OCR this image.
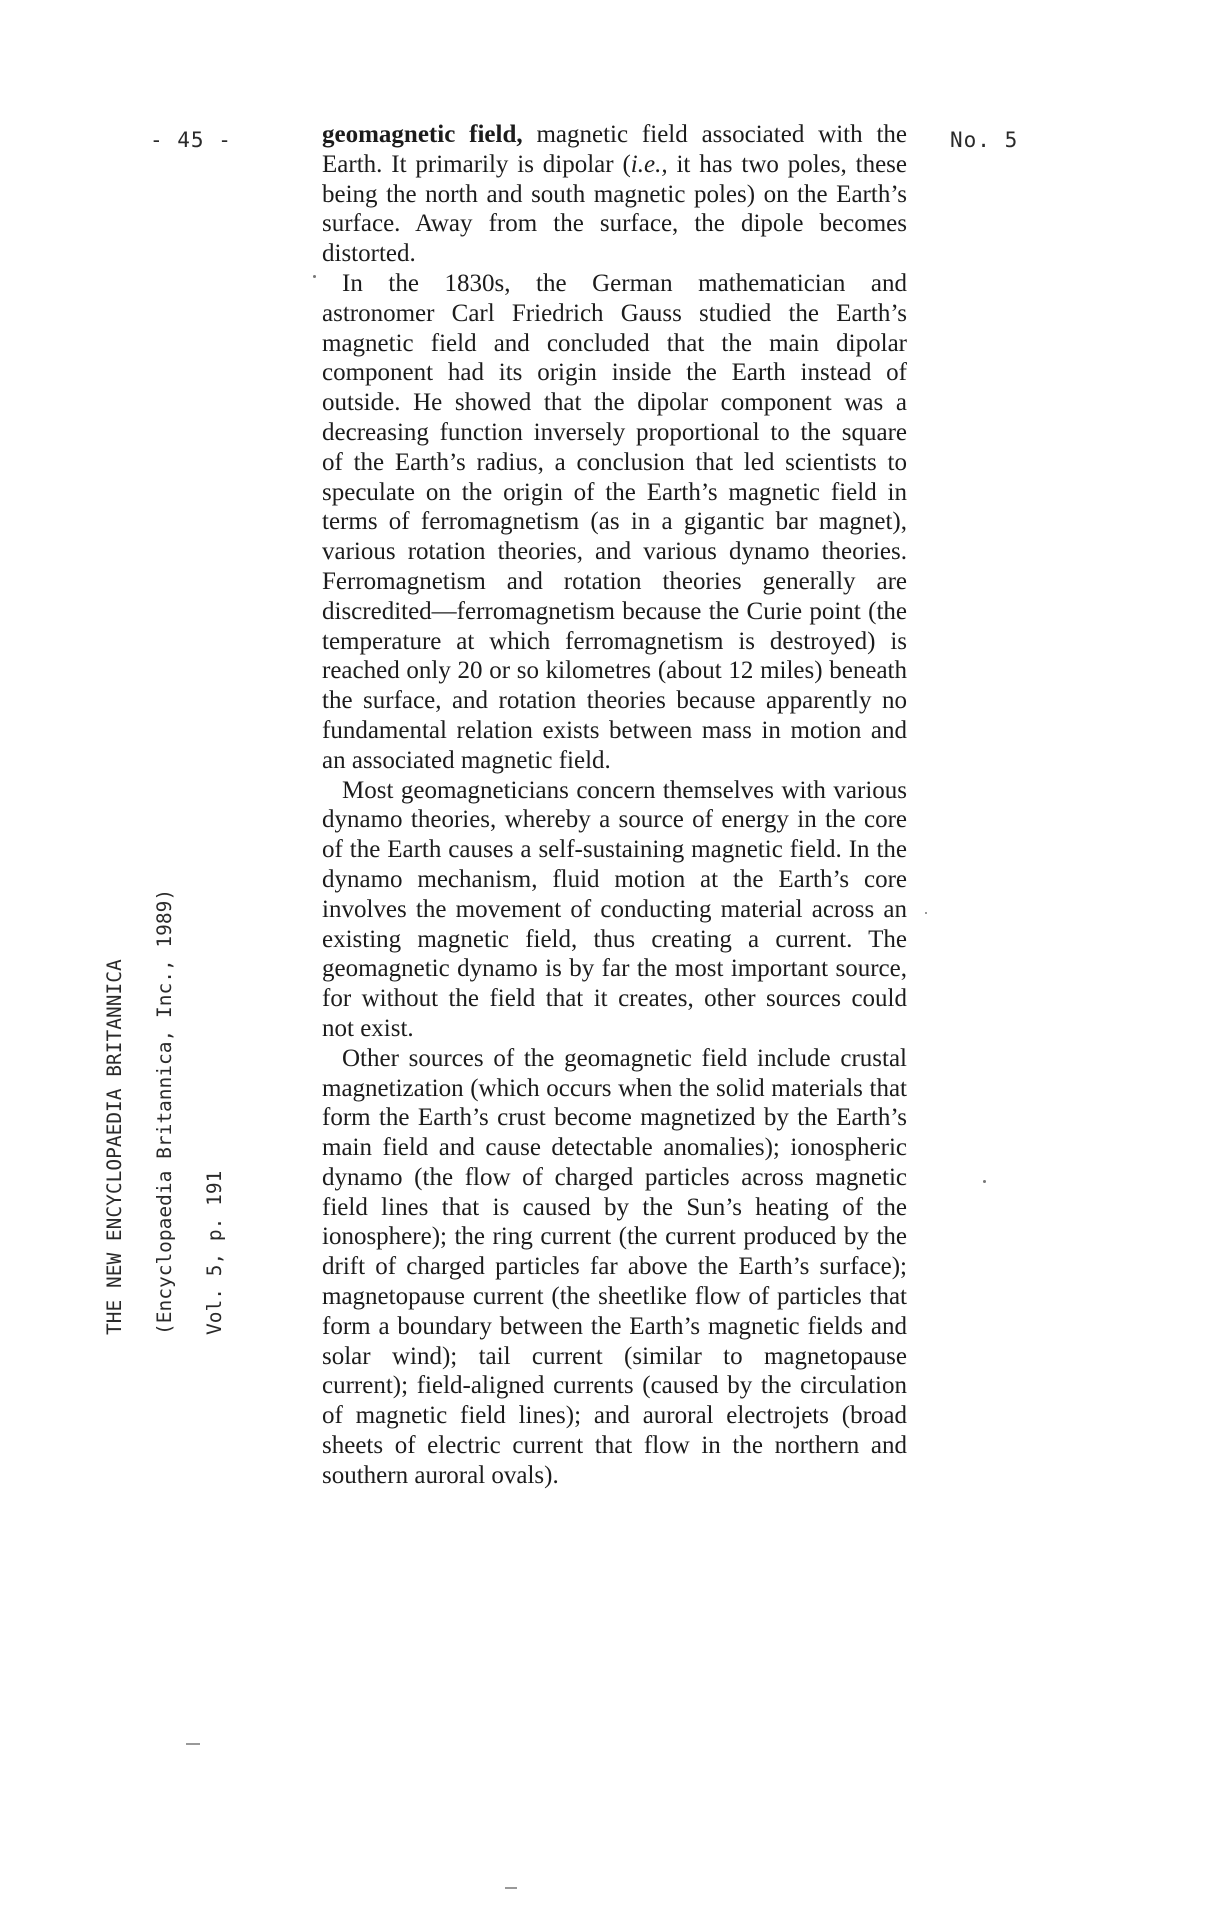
- 45 -	No. 5
THE NEW ENCYCLOPAEDIA BRITANNICA	(Encyclopaedia Britannica, Inc., 1989)	Vol. 5, p. 191

geomagnetic field, magnetic field associated with the Earth. It primarily is dipolar (i.e., it has two poles, these being the north and south magnetic poles) on the Earth’s surface. Away from the surface, the dipole becomes distorted.

In the 1830s, the German mathematician and astronomer Carl Friedrich Gauss studied the Earth’s magnetic field and concluded that the main dipolar component had its origin inside the Earth instead of outside. He showed that the dipolar component was a decreasing function inversely proportional to the square of the Earth’s radius, a conclusion that led scientists to speculate on the origin of the Earth’s magnetic field in terms of ferromagnetism (as in a gigantic bar magnet), various rotation theories, and various dynamo theories. Ferromagnetism and rotation theories generally are discredited—ferromagnetism because the Curie point (the temperature at which ferromagnetism is destroyed) is reached only 20 or so kilometres (about 12 miles) beneath the surface, and rotation theories because apparently no fundamental relation exists between mass in motion and an associated magnetic field.

Most geomagneticians concern themselves with various dynamo theories, whereby a source of energy in the core of the Earth causes a self-sustaining magnetic field. In the dynamo mechanism, fluid motion at the Earth’s core involves the movement of conducting material across an existing magnetic field, thus creating a current. The geomagnetic dynamo is by far the most important source, for without the field that it creates, other sources could not exist.

Other sources of the geomagnetic field include crustal magnetization (which occurs when the solid materials that form the Earth’s crust become magnetized by the Earth’s main field and cause detectable anomalies); ionospheric dynamo (the flow of charged particles across magnetic field lines that is caused by the Sun’s heating of the ionosphere); the ring current (the current produced by the drift of charged particles far above the Earth’s surface); magnetopause current (the sheetlike flow of particles that form a boundary between the Earth’s magnetic fields and solar wind); tail current (similar to magnetopause current); field-aligned currents (caused by the circulation of magnetic field lines); and auroral electrojets (broad sheets of electric current that flow in the northern and southern auroral ovals).
